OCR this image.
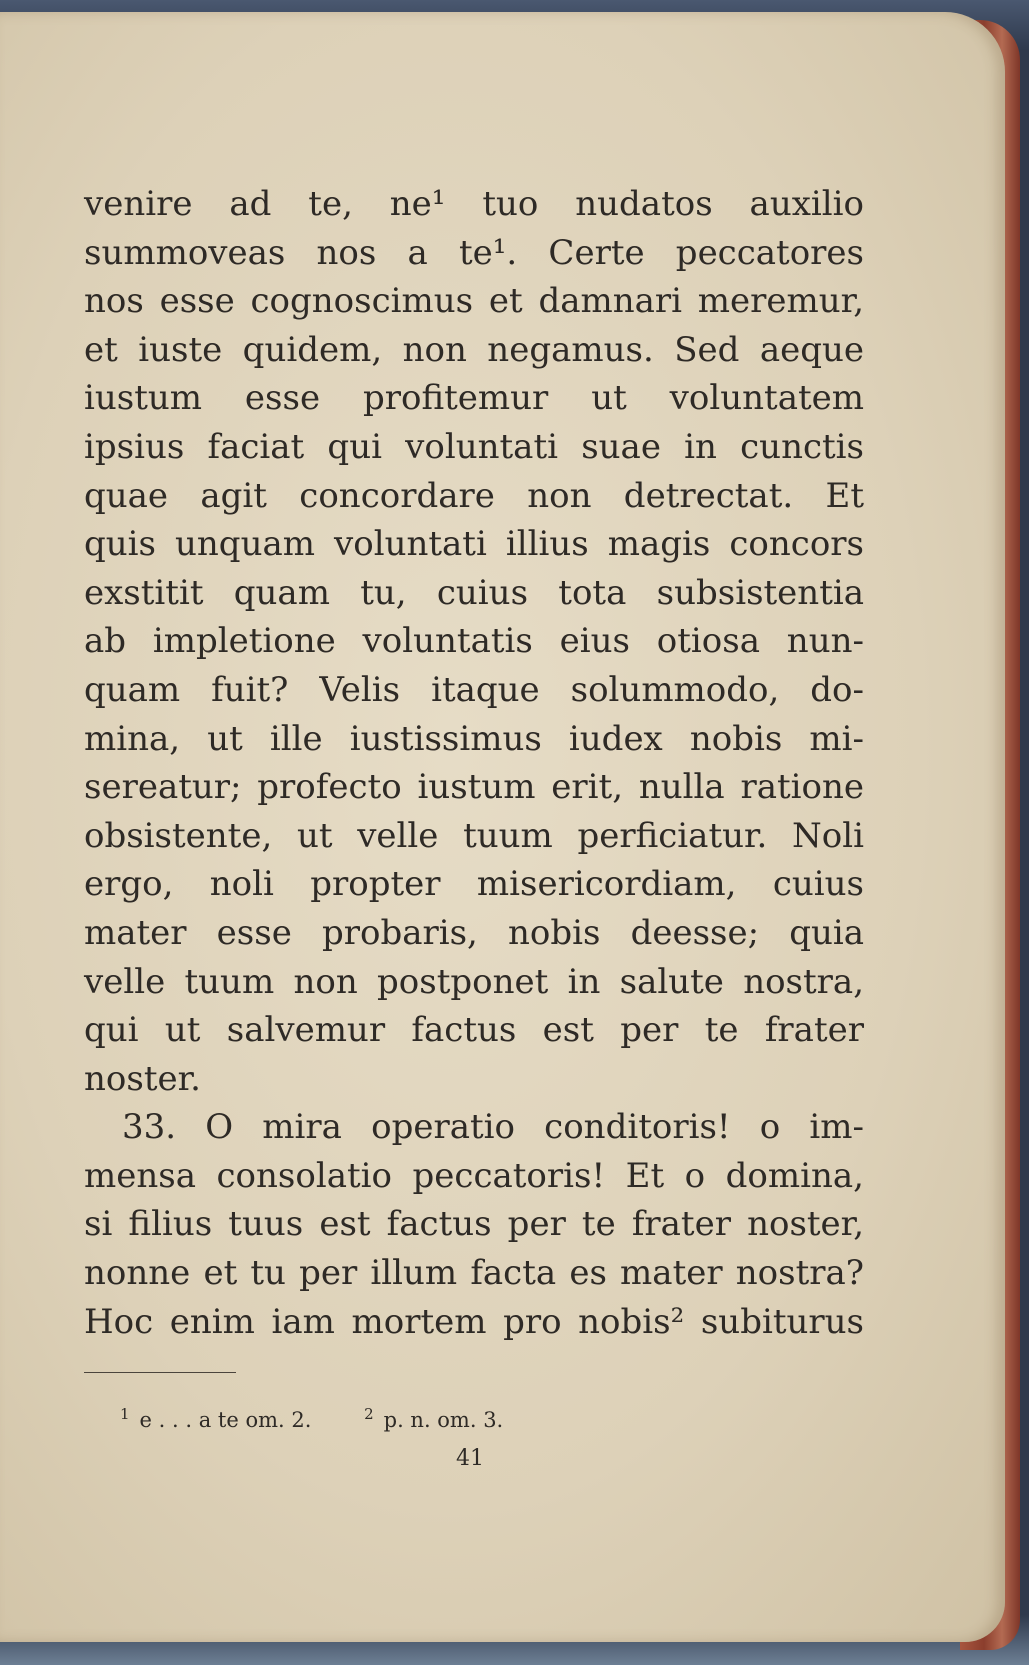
venire ad te, ne¹ tuo nudatos auxilio
summoveas nos a te¹. Certe peccatores
nos esse cognoscimus et damnari meremur,
et iuste quidem, non negamus. Sed aeque
iustum esse profitemur ut voluntatem
ipsius faciat qui voluntati suae in cunctis
quae agit concordare non detrectat. Et
quis unquam voluntati illius magis concors
exstitit quam tu, cuius tota subsistentia
ab impletione voluntatis eius otiosa nun-
quam fuit? Velis itaque solummodo, do-
mina, ut ille iustissimus iudex nobis mi-
sereatur; profecto iustum erit, nulla ratione
obsistente, ut velle tuum perficiatur. Noli
ergo, noli propter misericordiam, cuius
mater esse probaris, nobis deesse; quia
velle tuum non postponet in salute nostra,
qui ut salvemur factus est per te frater
noster.
33. O mira operatio conditoris! o im-
mensa consolatio peccatoris! Et o domina,
si filius tuus est factus per te frater noster,
nonne et tu per illum facta es mater nostra?
Hoc enim iam mortem pro nobis² subiturus
$^1$ e . . . a te om. 2.	$^2$ p. n. om. 3.
41
